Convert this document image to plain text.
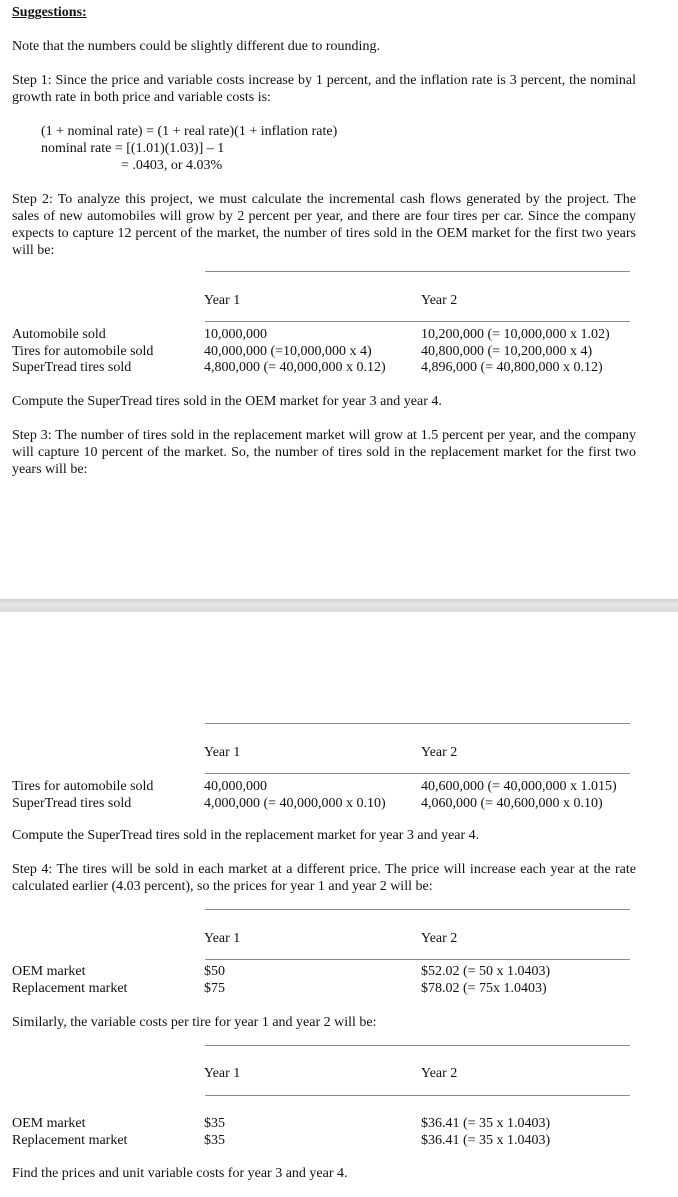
Suggestions:
Note that the numbers could be slightly different due to rounding.
Step 1: Since the price and variable costs increase by 1 percent, and the inflation rate is 3 percent, the nominal growth rate in both price and variable costs is:
(1 + nominal rate) = (1 + real rate)(1 + inflation rate)
nominal rate = [(1.01)(1.03)] – 1
= .0403, or 4.03%
Step 2: To analyze this project, we must calculate the incremental cash flows generated by the project. The sales of new automobiles will grow by 2 percent per year, and there are four tires per car. Since the company expects to capture 12 percent of the market, the number of tires sold in the OEM market for the first two years will be:
Year 1	Year 2
Automobile sold	10,000,000	10,200,000 (= 10,000,000 x 1.02)
Tires for automobile sold	40,000,000 (=10,000,000 x 4)	40,800,000 (= 10,200,000 x 4)
SuperTread tires sold	4,800,000 (= 40,000,000 x 0.12)	4,896,000 (= 40,800,000 x 0.12)
Compute the SuperTread tires sold in the OEM market for year 3 and year 4.
Step 3: The number of tires sold in the replacement market will grow at 1.5 percent per year, and the company will capture 10 percent of the market. So, the number of tires sold in the replacement market for the first two years will be:
Year 1	Year 2
Tires for automobile sold	40,000,000	40,600,000 (= 40,000,000 x 1.015)
SuperTread tires sold	4,000,000 (= 40,000,000 x 0.10)	4,060,000 (= 40,600,000 x 0.10)
Compute the SuperTread tires sold in the replacement market for year 3 and year 4.
Step 4: The tires will be sold in each market at a different price. The price will increase each year at the rate calculated earlier (4.03 percent), so the prices for year 1 and year 2 will be:
Year 1	Year 2
OEM market	$50	$52.02 (= 50 x 1.0403)
Replacement market	$75	$78.02 (= 75x 1.0403)
Similarly, the variable costs per tire for year 1 and year 2 will be:
Year 1	Year 2
OEM market	$35	$36.41 (= 35 x 1.0403)
Replacement market	$35	$36.41 (= 35 x 1.0403)
Find the prices and unit variable costs for year 3 and year 4.
